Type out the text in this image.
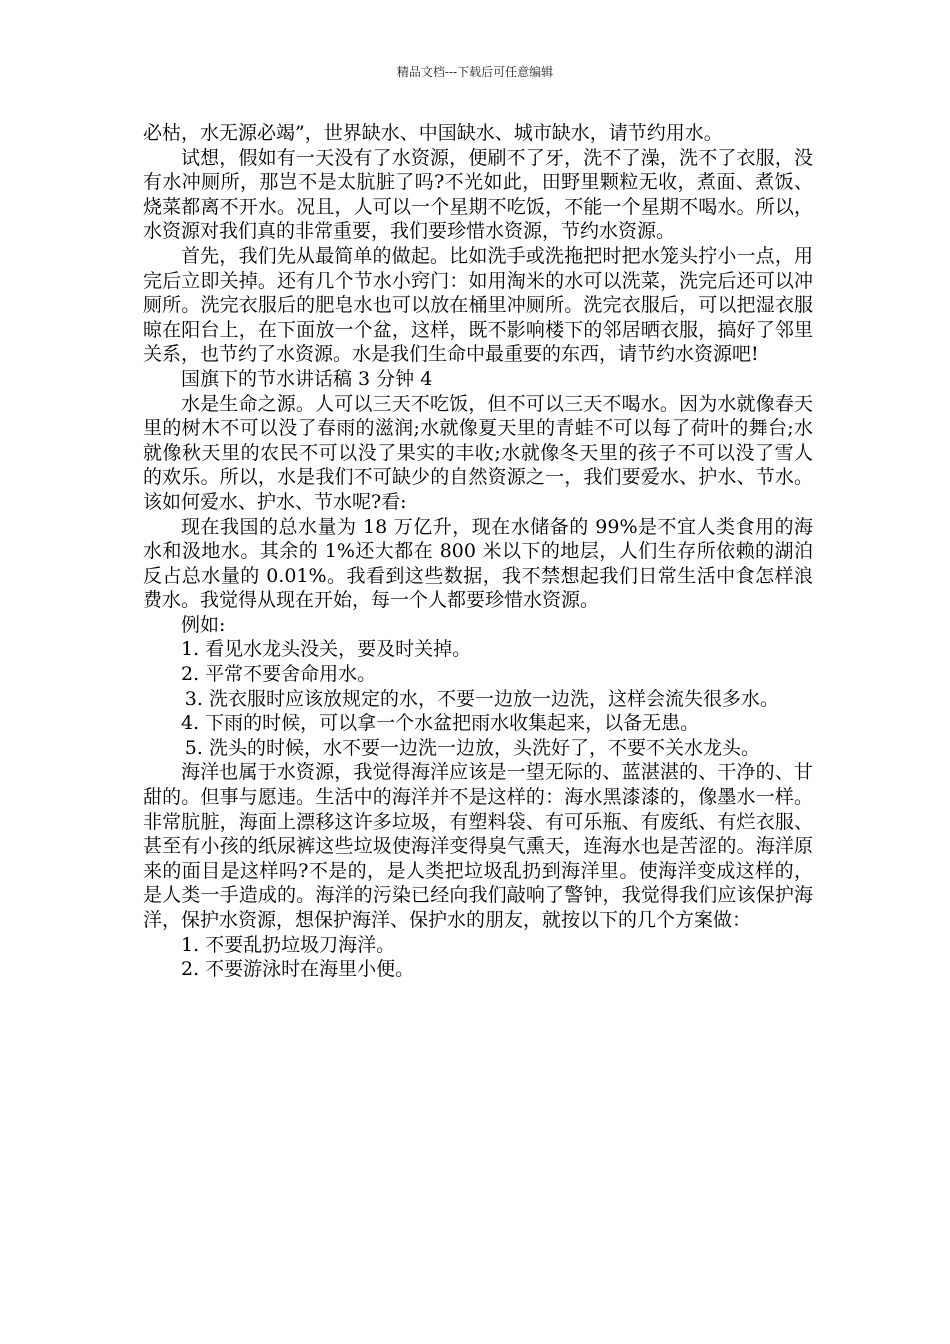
精品文档---下载后可任意编辑

必枯，水无源必竭”，世界缺水、中国缺水、城市缺水，请节约用水。

试想，假如有一天没有了水资源，便刷不了牙，洗不了澡，洗不了衣服，没有水冲厕所，那岂不是太肮脏了吗?不光如此，田野里颗粒无收，煮面、煮饭、烧菜都离不开水。况且，人可以一个星期不吃饭，不能一个星期不喝水。所以，水资源对我们真的非常重要，我们要珍惜水资源，节约水资源。

首先，我们先从最简单的做起。比如洗手或洗拖把时把水笼头拧小一点，用完后立即关掉。还有几个节水小窍门：如用淘米的水可以洗菜，洗完后还可以冲厕所。洗完衣服后的肥皂水也可以放在桶里冲厕所。洗完衣服后，可以把湿衣服晾在阳台上，在下面放一个盆，这样，既不影响楼下的邻居晒衣服，搞好了邻里关系，也节约了水资源。水是我们生命中最重要的东西，请节约水资源吧!

国旗下的节水讲话稿 3 分钟 4

水是生命之源。人可以三天不吃饭，但不可以三天不喝水。因为水就像春天里的树木不可以没了春雨的滋润;水就像夏天里的青蛙不可以每了荷叶的舞台;水就像秋天里的农民不可以没了果实的丰收;水就像冬天里的孩子不可以没了雪人的欢乐。所以，水是我们不可缺少的自然资源之一，我们要爱水、护水、节水。该如何爱水、护水、节水呢?看:

现在我国的总水量为 18 万亿升，现在水储备的 99%是不宜人类食用的海水和汲地水。其余的 1%还大都在 800 米以下的地层，人们生存所依赖的湖泊反占总水量的 0.01%。我看到这些数据，我不禁想起我们日常生活中食怎样浪费水。我觉得从现在开始，每一个人都要珍惜水资源。

例如:

1. 看见水龙头没关，要及时关掉。

2. 平常不要舍命用水。

3. 洗衣服时应该放规定的水，不要一边放一边洗，这样会流失很多水。

4. 下雨的时候，可以拿一个水盆把雨水收集起来，以备无患。

5. 洗头的时候，水不要一边洗一边放，头洗好了，不要不关水龙头。

海洋也属于水资源，我觉得海洋应该是一望无际的、蓝湛湛的、干净的、甘甜的。但事与愿违。生活中的海洋并不是这样的：海水黑漆漆的，像墨水一样。非常肮脏，海面上漂移这许多垃圾，有塑料袋、有可乐瓶、有废纸、有烂衣服、甚至有小孩的纸尿裤这些垃圾使海洋变得臭气熏天，连海水也是苦涩的。海洋原来的面目是这样吗?不是的，是人类把垃圾乱扔到海洋里。使海洋变成这样的，是人类一手造成的。海洋的污染已经向我们敲响了警钟，我觉得我们应该保护海洋，保护水资源，想保护海洋、保护水的朋友，就按以下的几个方案做：

1. 不要乱扔垃圾刀海洋。

2. 不要游泳时在海里小便。
